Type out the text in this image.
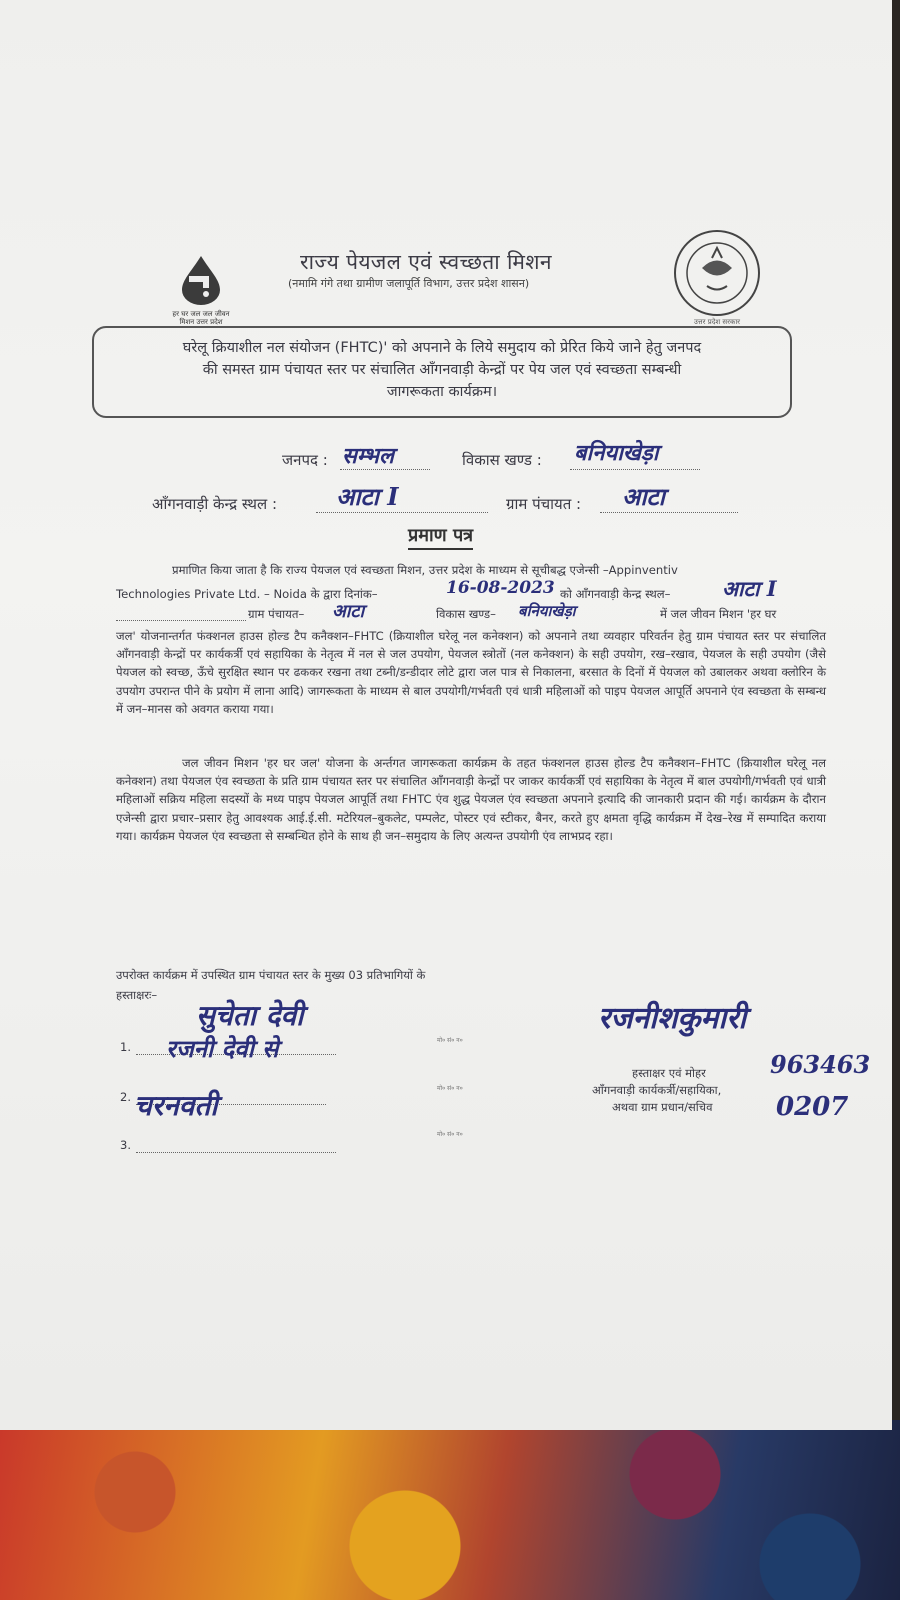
हर घर जल जल जीवन मिशन उत्तर प्रदेश
राज्य पेयजल एवं स्वच्छता मिशन
(नमामि गंगे तथा ग्रामीण जलापूर्ति विभाग, उत्तर प्रदेश शासन)
उत्तर प्रदेश सरकार
घरेलू क्रियाशील नल संयोजन (FHTC)' को अपनाने के लिये समुदाय को प्रेरित किये जाने हेतु जनपद
की समस्त ग्राम पंचायत स्तर पर संचालित आँगनवाड़ी केन्द्रों पर पेय जल एवं स्वच्छता सम्बन्धी
जागरूकता कार्यक्रम।
जनपद : सम्भल	विकास खण्ड : बनियाखेड़ा
आँगनवाड़ी केन्द्र स्थल : आटा I	ग्राम पंचायत : आटा
प्रमाण पत्र
प्रमाणित किया जाता है कि राज्य पेयजल एवं स्वच्छता मिशन, उत्तर प्रदेश के माध्यम से सूचीबद्ध एजेन्सी –Appinventiv
Technologies Private Ltd. – Noida के द्वारा दिनांक–	16-08-2023 को आँगनवाड़ी केन्द्र स्थल– आटा I
ग्राम पंचायत– आटा	विकास खण्ड– बनियाखेड़ा	में जल जीवन मिशन 'हर घर
जल' योजनान्तर्गत फंक्शनल हाउस होल्ड टैप कनैक्शन–FHTC (क्रियाशील घरेलू नल कनेक्शन) को अपनाने तथा व्यवहार परिवर्तन हेतु ग्राम पंचायत स्तर पर संचालित आँगनवाड़ी केन्द्रों पर कार्यकर्त्री एवं सहायिका के नेतृत्व में नल से जल उपयोग, पेयजल स्त्रोतों (नल कनेक्शन) के सही उपयोग, रख–रखाव, पेयजल के सही उपयोग (जैसे पेयजल को स्वच्छ, ऊँचे सुरक्षित स्थान पर ढककर रखना तथा टब्नी/डन्डीदार लोटे द्वारा जल पात्र से निकालना, बरसात के दिनों में पेयजल को उबालकर अथवा क्लोरिन के उपयोग उपरान्त पीने के प्रयोग में लाना आदि) जागरूकता के माध्यम से बाल उपयोगी/गर्भवती एवं धात्री महिलाओं को पाइप पेयजल आपूर्ति अपनाने एंव स्वच्छता के सम्बन्ध में जन–मानस को अवगत कराया गया।
जल जीवन मिशन 'हर घर जल' योजना के अर्न्तगत जागरूकता कार्यक्रम के तहत फंक्शनल हाउस होल्ड टैप कनैक्शन–FHTC (क्रियाशील घरेलू नल कनेक्शन) तथा पेयजल एंव स्वच्छता के प्रति ग्राम पंचायत स्तर पर संचालित आँगनवाड़ी केन्द्रों पर जाकर कार्यकर्त्री एवं सहायिका के नेतृत्व में बाल उपयोगी/गर्भवती एवं धात्री महिलाओं सक्रिय महिला सदस्यों के मध्य पाइप पेयजल आपूर्ति तथा FHTC एंव शुद्ध पेयजल एंव स्वच्छता अपनाने इत्यादि की जानकारी प्रदान की गई। कार्यक्रम के दौरान एजेन्सी द्वारा प्रचार–प्रसार हेतु आवश्यक आई.ई.सी. मटेरियल–बुकलेट, पम्पलेट, पोस्टर एवं स्टीकर, बैनर, करते हुए क्षमता वृद्धि कार्यक्रम मेंं देख–रेख में सम्पादित कराया गया। कार्यक्रम पेयजल एंव स्वच्छता से सम्बन्धित होने के साथ ही जन–समुदाय के लिए अत्यन्त उपयोगी एंव लाभप्रद रहा।
उपरोक्त कार्यक्रम में उपस्थित ग्राम पंचायत स्तर के मुख्य 03 प्रतिभागियों के
हस्ताक्षरः–
सुचेता देवी
1. रजनी देवी से
2. चरनवती
3.
मो० सं० न०
मो० सं० न०
मो० सं० न०
रजनीशकुमारी
हस्ताक्षर एवं मोहर
आँगनवाड़ी कार्यकर्त्री/सहायिका,
अथवा ग्राम प्रधान/सचिव
963463
0207
